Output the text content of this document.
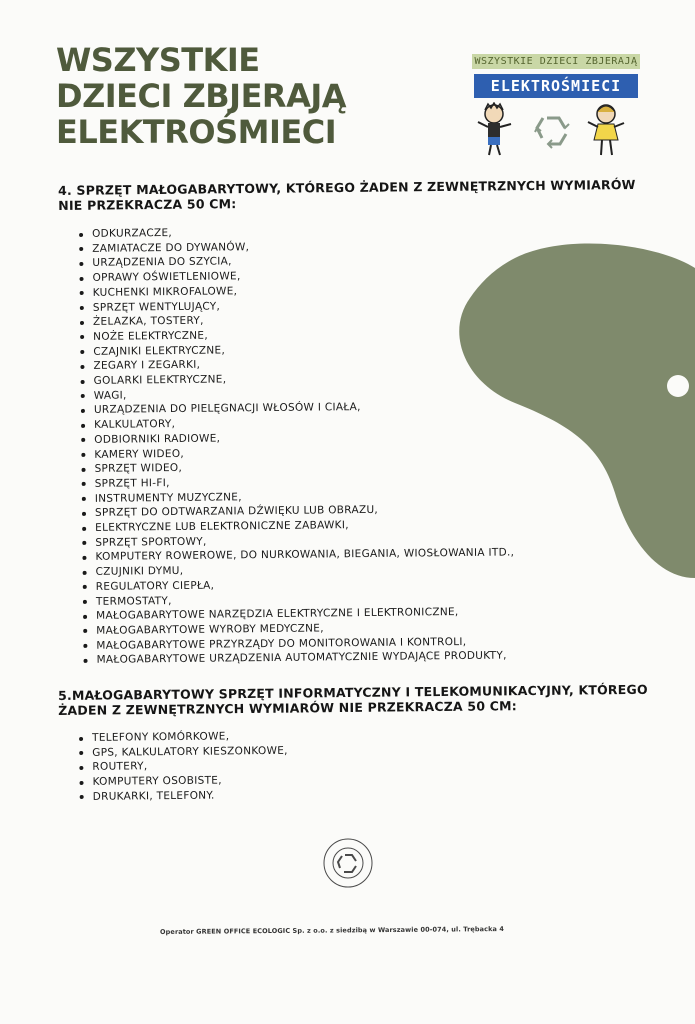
WSZYSTKIE
DZIECI ZBJERAJĄ
ELEKTROŚMIECI
WSZYSTKIE DZIECI ZBJERAJĄ
ELEKTROŚMIECI
4. SPRZĘT MAŁOGABARYTOWY, KTÓREGO ŻADEN Z ZEWNĘTRZNYCH WYMIARÓW NIE PRZEKRACZA 50 CM:
ODKURZACZE,
ZAMIATACZE DO DYWANÓW,
URZĄDZENIA DO SZYCIA,
OPRAWY OŚWIETLENIOWE,
KUCHENKI MIKROFALOWE,
SPRZĘT WENTYLUJĄCY,
ŻELAZKA, TOSTERY,
NOŻE ELEKTRYCZNE,
CZAJNIKI ELEKTRYCZNE,
ZEGARY I ZEGARKI,
GOLARKI ELEKTRYCZNE,
WAGI,
URZĄDZENIA DO PIELĘGNACJI WŁOSÓW I CIAŁA,
KALKULATORY,
ODBIORNIKI RADIOWE,
KAMERY WIDEO,
SPRZĘT WIDEO,
SPRZĘT HI-FI,
INSTRUMENTY MUZYCZNE,
SPRZĘT DO ODTWARZANIA DŹWIĘKU LUB OBRAZU,
ELEKTRYCZNE LUB ELEKTRONICZNE ZABAWKI,
SPRZĘT SPORTOWY,
KOMPUTERY ROWEROWE, DO NURKOWANIA, BIEGANIA, WIOSŁOWANIA ITD.,
CZUJNIKI DYMU,
REGULATORY CIEPŁA,
TERMOSTATY,
MAŁOGABARYTOWE NARZĘDZIA ELEKTRYCZNE I ELEKTRONICZNE,
MAŁOGABARYTOWE WYROBY MEDYCZNE,
MAŁOGABARYTOWE PRZYRZĄDY DO MONITOROWANIA I KONTROLI,
MAŁOGABARYTOWE URZĄDZENIA AUTOMATYCZNIE WYDAJĄCE PRODUKTY,
5.MAŁOGABARYTOWY SPRZĘT INFORMATYCZNY I TELEKOMUNIKACYJNY, KTÓREGO ŻADEN Z ZEWNĘTRZNYCH WYMIARÓW NIE PRZEKRACZA 50 CM:
TELEFONY KOMÓRKOWE,
GPS, KALKULATORY KIESZONKOWE,
ROUTERY,
KOMPUTERY OSOBISTE,
DRUKARKI, TELEFONY.
Operator GREEN OFFICE ECOLOGIC Sp. z o.o. z siedzibą w Warszawie 00-074, ul. Trębacka 4
